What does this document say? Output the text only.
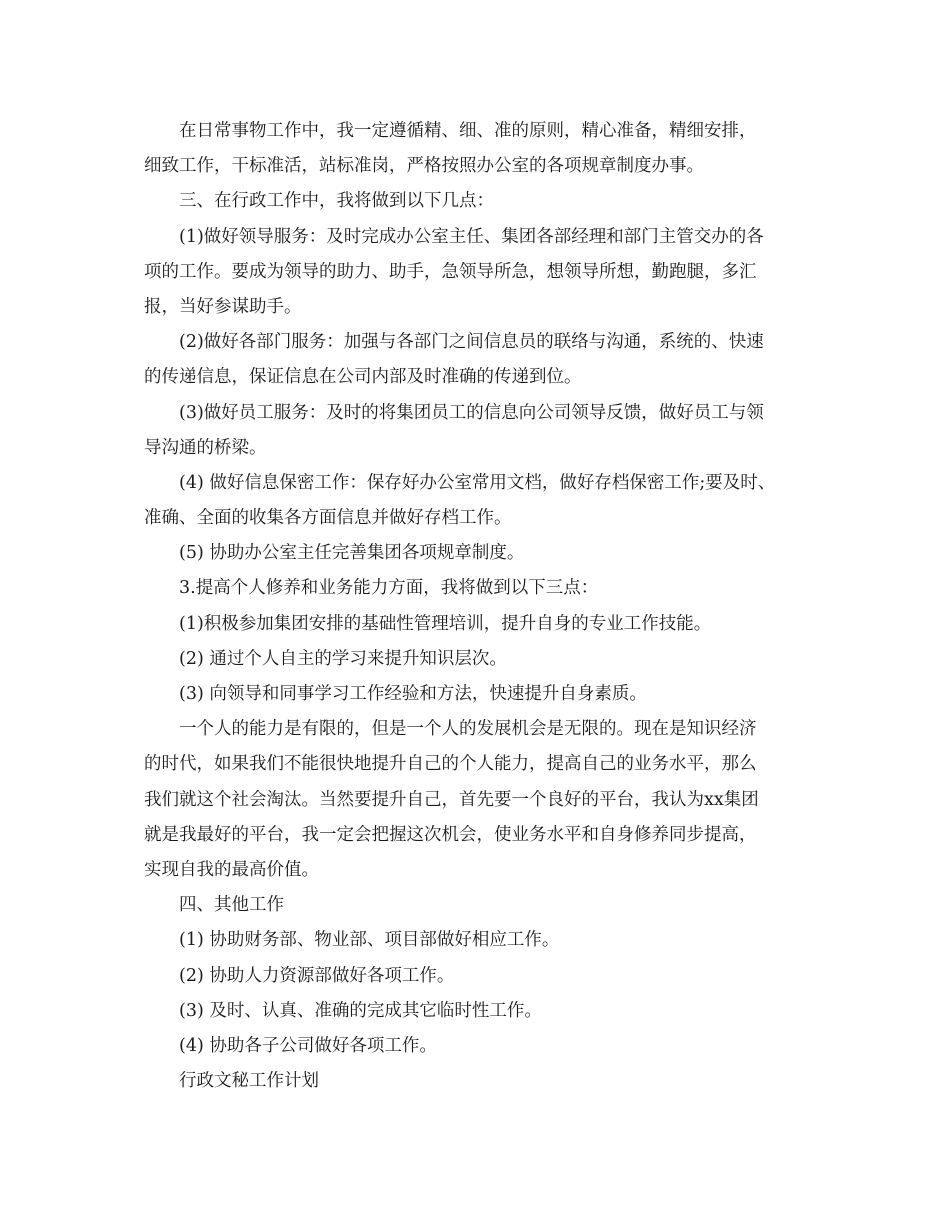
在日常事物工作中，我一定遵循精、细、准的原则，精心准备，精细安排，
细致工作，干标准活，站标准岗，严格按照办公室的各项规章制度办事。
三、在行政工作中，我将做到以下几点：
(1)做好领导服务：及时完成办公室主任、集团各部经理和部门主管交办的各
项的工作。要成为领导的助力、助手，急领导所急，想领导所想，勤跑腿，多汇
报，当好参谋助手。
(2)做好各部门服务：加强与各部门之间信息员的联络与沟通，系统的、快速
的传递信息，保证信息在公司内部及时准确的传递到位。
(3)做好员工服务：及时的将集团员工的信息向公司领导反馈，做好员工与领
导沟通的桥梁。
(4) 做好信息保密工作：保存好办公室常用文档，做好存档保密工作;要及时、
准确、全面的收集各方面信息并做好存档工作。
(5) 协助办公室主任完善集团各项规章制度。
3.提高个人修养和业务能力方面，我将做到以下三点：
(1)积极参加集团安排的基础性管理培训，提升自身的专业工作技能。
(2) 通过个人自主的学习来提升知识层次。
(3) 向领导和同事学习工作经验和方法，快速提升自身素质。
一个人的能力是有限的，但是一个人的发展机会是无限的。现在是知识经济
的时代，如果我们不能很快地提升自己的个人能力，提高自己的业务水平，那么
我们就这个社会淘汰。当然要提升自己，首先要一个良好的平台，我认为xx集团
就是我最好的平台，我一定会把握这次机会，使业务水平和自身修养同步提高，
实现自我的最高价值。
四、其他工作
(1) 协助财务部、物业部、项目部做好相应工作。
(2) 协助人力资源部做好各项工作。
(3) 及时、认真、准确的完成其它临时性工作。
(4) 协助各子公司做好各项工作。
行政文秘工作计划
